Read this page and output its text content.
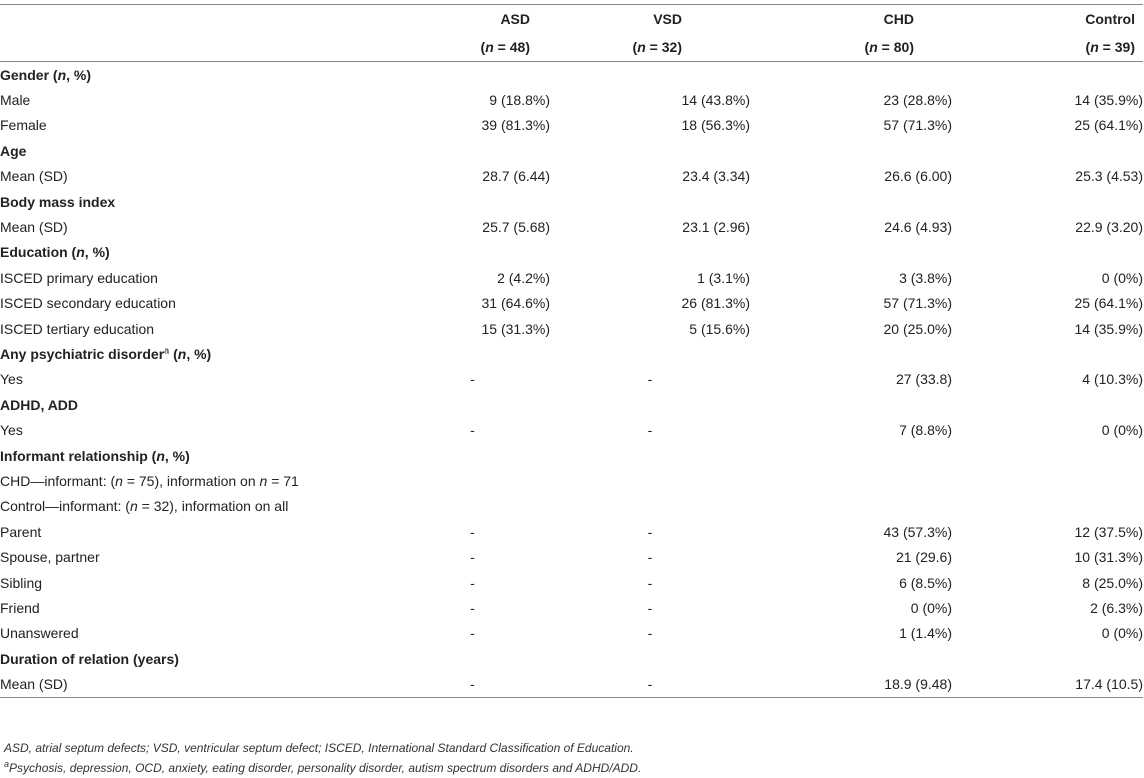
	ASD	VSD	CHD	Control
	(n = 48)	(n = 32)	(n = 80)	(n = 39)
Gender (n, %)				
Male	9 (18.8%)	14 (43.8%)	23 (28.8%)	14 (35.9%)
Female	39 (81.3%)	18 (56.3%)	57 (71.3%)	25 (64.1%)
Age				
Mean (SD)	28.7 (6.44)	23.4 (3.34)	26.6 (6.00)	25.3 (4.53)
Body mass index				
Mean (SD)	25.7 (5.68)	23.1 (2.96)	24.6 (4.93)	22.9 (3.20)
Education (n, %)				
ISCED primary education	2 (4.2%)	1 (3.1%)	3 (3.8%)	0 (0%)
ISCED secondary education	31 (64.6%)	26 (81.3%)	57 (71.3%)	25 (64.1%)
ISCED tertiary education	15 (31.3%)	5 (15.6%)	20 (25.0%)	14 (35.9%)
Any psychiatric disorder$^a$ (n, %)				
Yes	-	-	27 (33.8)	4 (10.3%)
ADHD, ADD				
Yes	-	-	7 (8.8%)	0 (0%)
Informant relationship (n, %)				
CHD—informant: (n = 75), information on n = 71				
Control—informant: (n = 32), information on all				
Parent	-	-	43 (57.3%)	12 (37.5%)
Spouse, partner	-	-	21 (29.6)	10 (31.3%)
Sibling	-	-	6 (8.5%)	8 (25.0%)
Friend	-	-	0 (0%)	2 (6.3%)
Unanswered	-	-	1 (1.4%)	0 (0%)
Duration of relation (years)				
Mean (SD)	-	-	18.9 (9.48)	17.4 (10.5)
ASD, atrial septum defects; VSD, ventricular septum defect; ISCED, International Standard Classification of Education.
$^a$Psychosis, depression, OCD, anxiety, eating disorder, personality disorder, autism spectrum disorders and ADHD/ADD.
